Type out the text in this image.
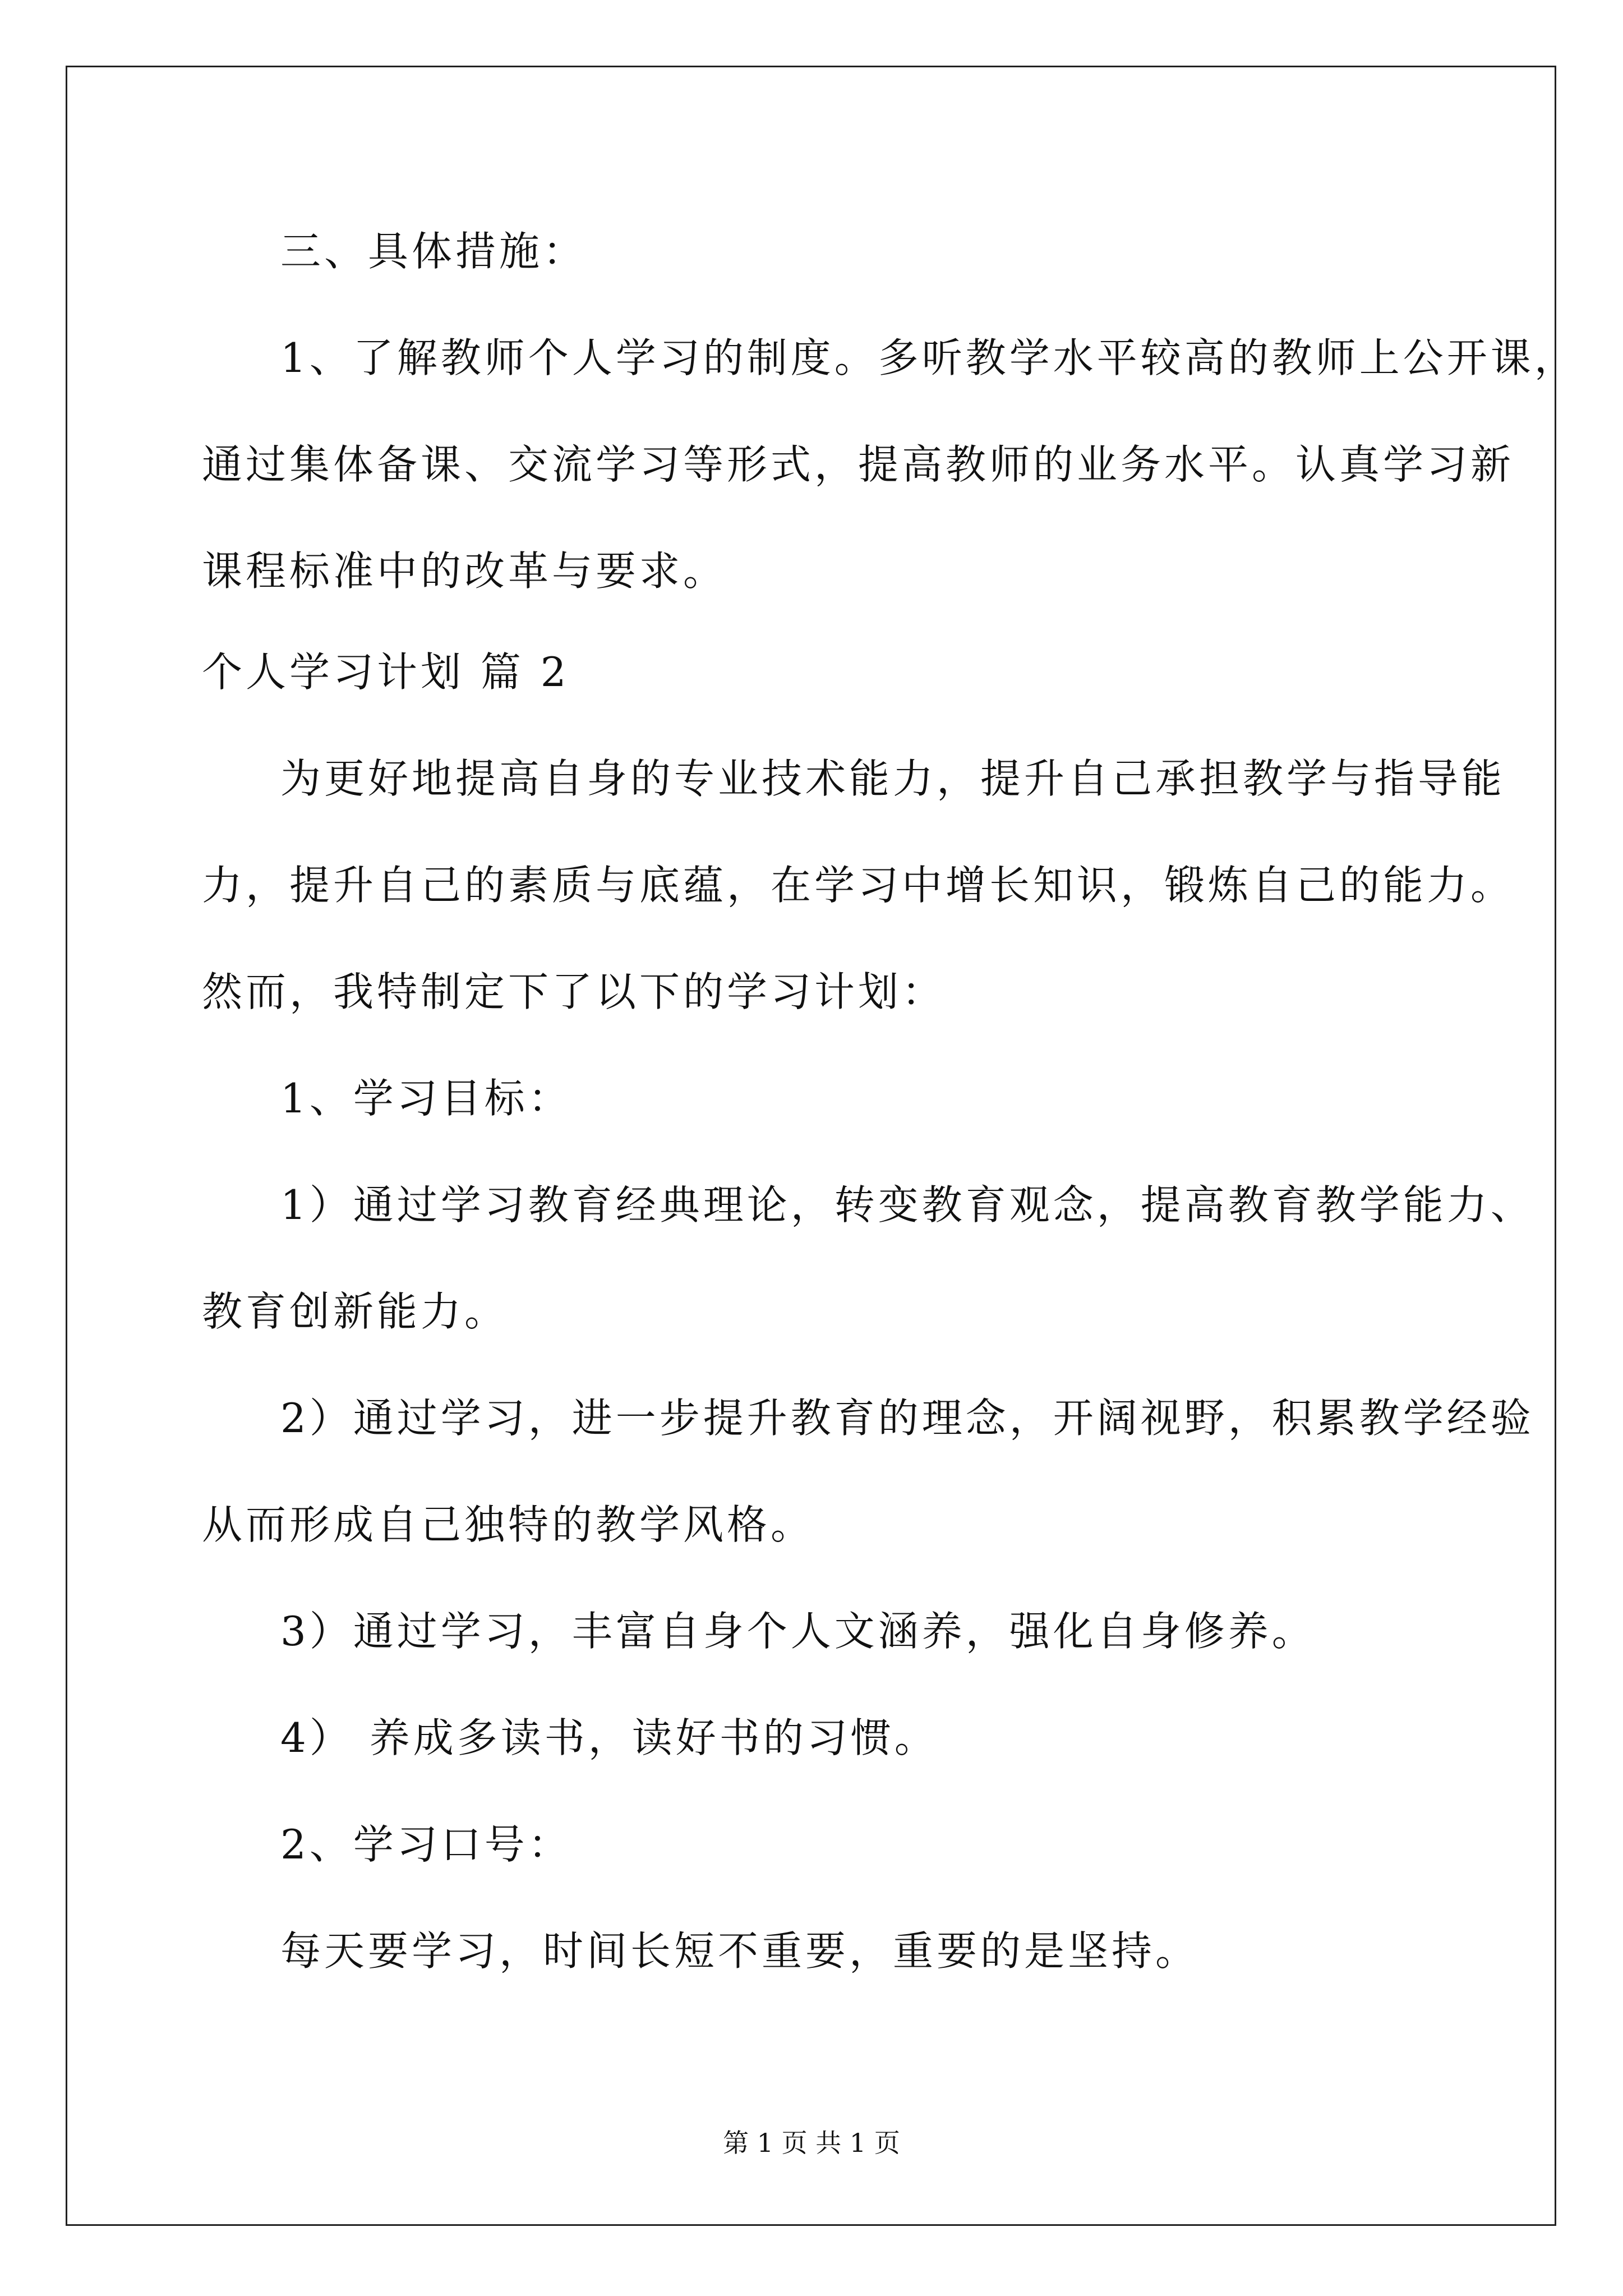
三、具体措施：
1、了解教师个人学习的制度。多听教学水平较高的教师上公开课，
通过集体备课、交流学习等形式，提高教师的业务水平。认真学习新
课程标准中的改革与要求。
个人学习计划 篇 2
为更好地提高自身的专业技术能力，提升自己承担教学与指导能
力，提升自己的素质与底蕴，在学习中增长知识，锻炼自己的能力。
然而，我特制定下了以下的学习计划：
1、学习目标：
1）通过学习教育经典理论，转变教育观念，提高教育教学能力、
教育创新能力。
2）通过学习，进一步提升教育的理念，开阔视野，积累教学经验
从而形成自己独特的教学风格。
3）通过学习，丰富自身个人文涵养，强化自身修养。
4） 养成多读书，读好书的习惯。
2、学习口号：
每天要学习，时间长短不重要，重要的是坚持。
第 1 页 共 1 页
